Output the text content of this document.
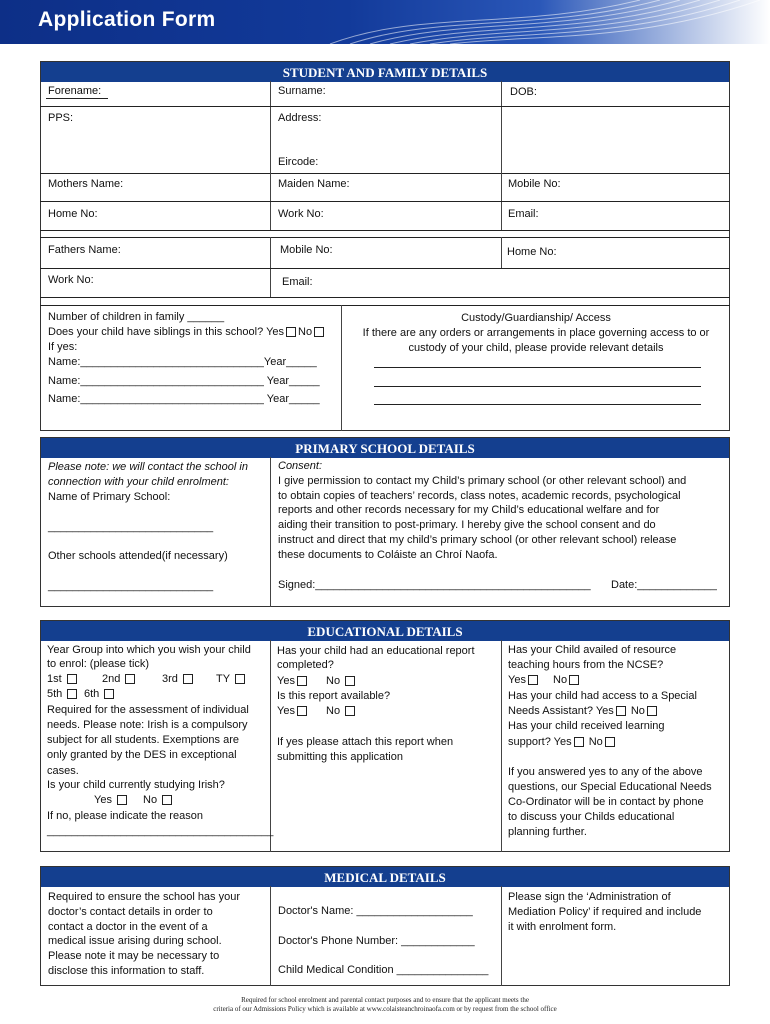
Application Form
STUDENT AND FAMILY DETAILS
Forename:	Surname:	DOB:
PPS:	Address:
Eircode:
Mothers Name:	Maiden Name:	Mobile No:
Home No:	Work No:	Email:
Fathers Name:	Mobile No:	Home No:
Work No:	Email:
Number of children in family ______
Does your child have siblings in this school? Yes No
If yes:
Name:______________________________Year_____
Name:______________________________ Year_____
Name:______________________________ Year_____
Custody/Guardianship/ Access
If there are any orders or arrangements in place governing access to or
custody of your child, please provide relevant details
PRIMARY SCHOOL DETAILS
Please note: we will contact the school in
connection with your child enrolment:
Name of Primary School:
___________________________
Other schools attended(if necessary)
___________________________
Consent:
I give permission to contact my Child’s primary school (or other relevant school) and
to obtain copies of teachers’ records, class notes, academic records, psychological
reports and other records necessary for my Child’s educational welfare and for
aiding their transition to post-primary. I hereby give the school consent and do
instruct and direct that my child’s primary school (or other relevant school) release
these documents to Coláiste an Chroí Naofa.
Signed:_____________________________________________ Date:_____________
EDUCATIONAL DETAILS
Year Group into which you wish your child
to enrol: (please tick)
1st	2nd	3rd	TY
5th	6th
Required for the assessment of individual
needs. Please note: Irish is a compulsory
subject for all students. Exemptions are
only granted by the DES in exceptional
cases.
Is your child currently studying Irish?
Yes	No
If no, please indicate the reason
_____________________________________
Has your child had an educational report
completed?
Yes	No
Is this report available?
Yes	No
If yes please attach this report when
submitting this application
Has your Child availed of resource
teaching hours from the NCSE?
Yes	No
Has your child had access to a Special
Needs Assistant? Yes No
Has your child received learning
support? Yes No
If you answered yes to any of the above
questions, our Special Educational Needs
Co-Ordinator will be in contact by phone
to discuss your Childs educational
planning further.
MEDICAL DETAILS
Required to ensure the school has your
doctor’s contact details in order to
contact a doctor in the event of a
medical issue arising during school.
Please note it may be necessary to
disclose this information to staff.
Doctor's Name: ___________________
Doctor's Phone Number: ____________
Child Medical Condition _______________
Please sign the ‘Administration of
Mediation Policy’ if required and include
it with enrolment form.
Required for school enrolment and parental contact purposes and to ensure that the applicant meets the
criteria of our Admissions Policy which is available at www.colaisteanchroinaofa.com or by request from the school office
